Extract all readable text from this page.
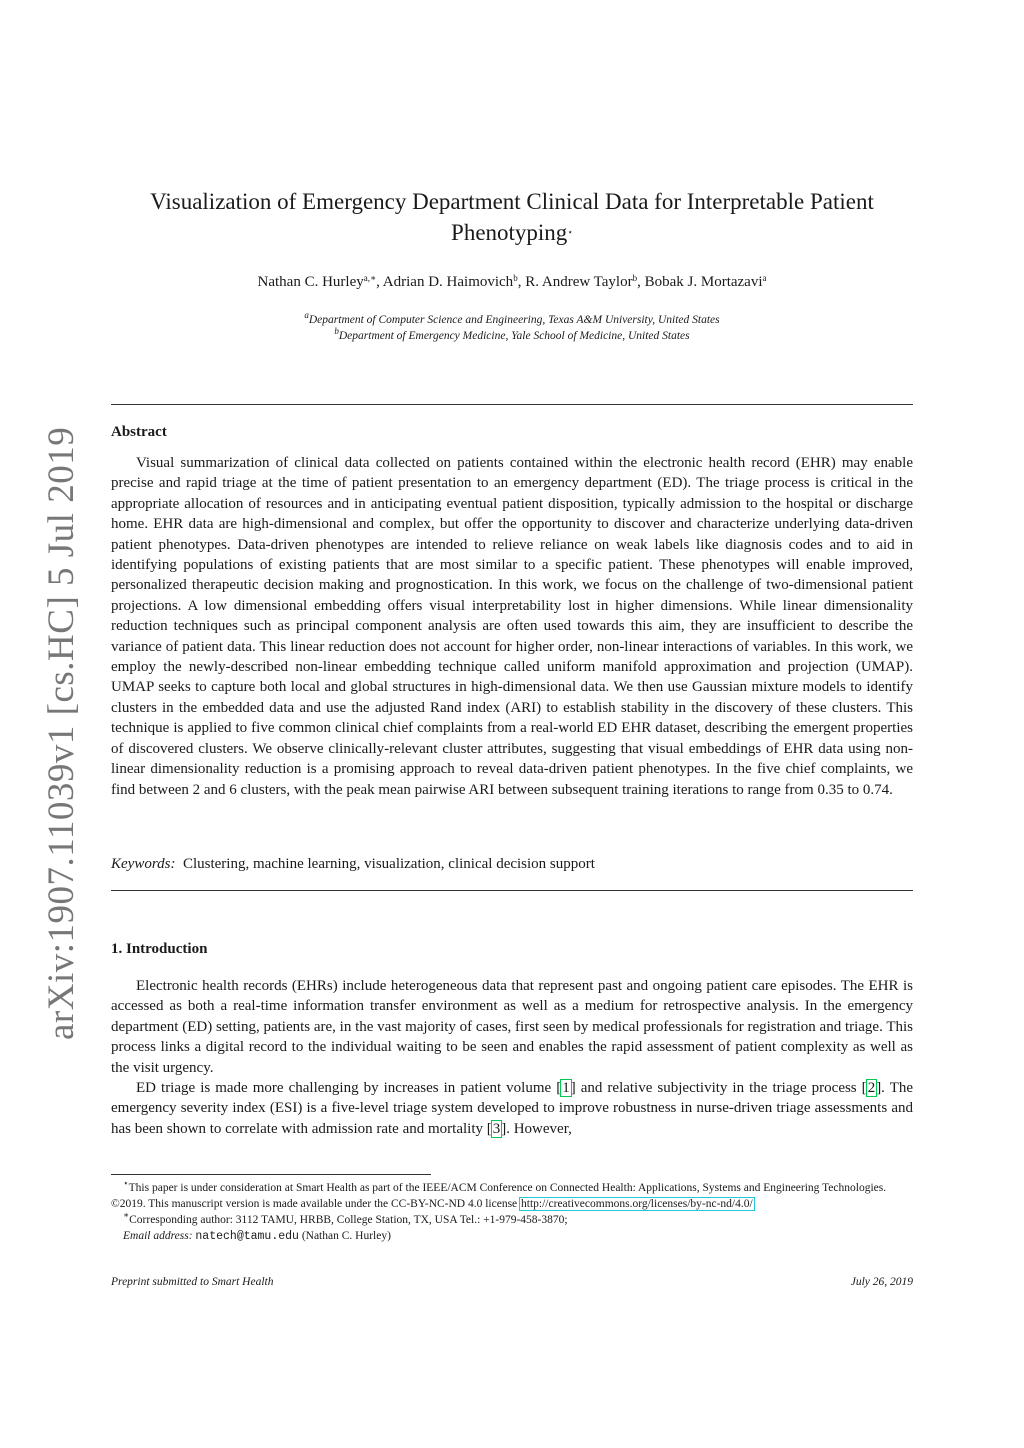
arXiv:1907.11039v1 [cs.HC] 5 Jul 2019
Visualization of Emergency Department Clinical Data for Interpretable Patient
Phenotyping⋆
Nathan C. Hurley$^{a,∗}$, Adrian D. Haimovich$^b$, R. Andrew Taylor$^b$, Bobak J. Mortazavi$^a$
$^a$Department of Computer Science and Engineering, Texas A&M University, United States
$^b$Department of Emergency Medicine, Yale School of Medicine, United States
Abstract

Visual summarization of clinical data collected on patients contained within the electronic health record (EHR) may enable precise and rapid triage at the time of patient presentation to an emergency department (ED). The triage process is critical in the appropriate allocation of resources and in anticipating eventual patient disposition, typically admission to the hospital or discharge home. EHR data are high-dimensional and complex, but offer the opportunity to discover and characterize underlying data-driven patient phenotypes. Data-driven phenotypes are intended to relieve reliance on weak labels like diagnosis codes and to aid in identifying populations of existing patients that are most similar to a specific patient. These phenotypes will enable improved, personalized therapeutic decision making and prognostication. In this work, we focus on the challenge of two-dimensional patient projections. A low dimensional embedding offers visual interpretability lost in higher dimensions. While linear dimensionality reduction techniques such as principal component analysis are often used towards this aim, they are insufficient to describe the variance of patient data. This linear reduction does not account for higher order, non-linear interactions of variables. In this work, we employ the newly-described non-linear embedding technique called uniform manifold approximation and projection (UMAP). UMAP seeks to capture both local and global structures in high-dimensional data. We then use Gaussian mixture models to identify clusters in the embedded data and use the adjusted Rand index (ARI) to establish stability in the discovery of these clusters. This technique is applied to five common clinical chief complaints from a real-world ED EHR dataset, describing the emergent properties of discovered clusters. We observe clinically-relevant cluster attributes, suggesting that visual embeddings of EHR data using non-linear dimensionality reduction is a promising approach to reveal data-driven patient phenotypes. In the five chief complaints, we find between 2 and 6 clusters, with the peak mean pairwise ARI between subsequent training iterations to range from 0.35 to 0.74.

Keywords: Clustering, machine learning, visualization, clinical decision support
1. Introduction

Electronic health records (EHRs) include heterogeneous data that represent past and ongoing patient care episodes. The EHR is accessed as both a real-time information transfer environment as well as a medium for retrospective analysis. In the emergency department (ED) setting, patients are, in the vast majority of cases, first seen by medical professionals for registration and triage. This process links a digital record to the individual waiting to be seen and enables the rapid assessment of patient complexity as well as the visit urgency.

ED triage is made more challenging by increases in patient volume [1] and relative subjectivity in the triage process [2]. The emergency severity index (ESI) is a five-level triage system developed to improve robustness in nurse-driven triage assessments and has been shown to correlate with admission rate and mortality [3]. However,

⋆This paper is under consideration at Smart Health as part of the IEEE/ACM Conference on Connected Health: Applications, Systems and Engineering Technologies.

©2019. This manuscript version is made available under the CC-BY-NC-ND 4.0 license http://creativecommons.org/licenses/by-nc-nd/4.0/

∗Corresponding author: 3112 TAMU, HRBB, College Station, TX, USA Tel.: +1-979-458-3870;

Email address: natech@tamu.edu (Nathan C. Hurley)

Preprint submitted to Smart Health	July 26, 2019
